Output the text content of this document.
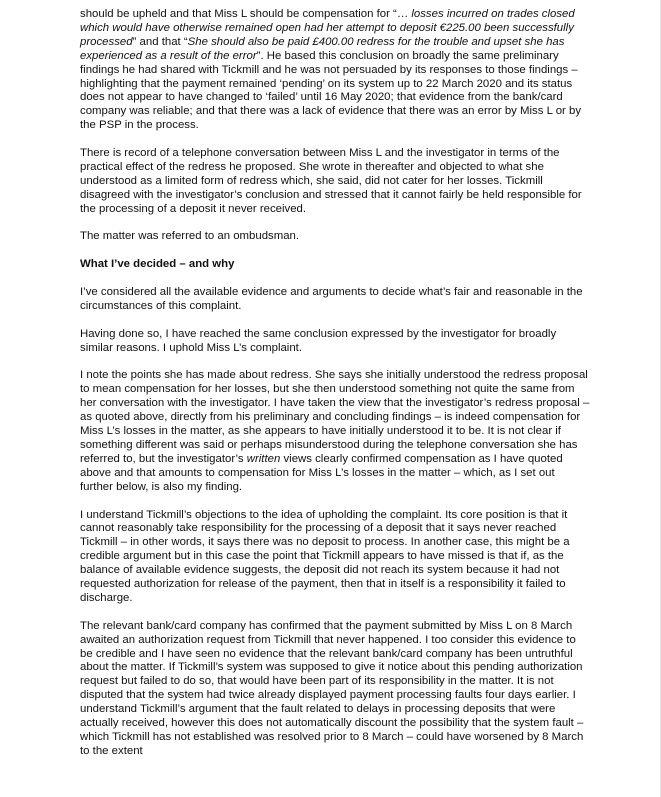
should be upheld and that Miss L should be compensation for “… losses incurred on trades closed which would have otherwise remained open had her attempt to deposit €225.00 been successfully processed” and that “She should also be paid £400.00 redress for the trouble and upset she has experienced as a result of the error”. He based this conclusion on broadly the same preliminary findings he had shared with Tickmill and he was not persuaded by its responses to those findings – highlighting that the payment remained ‘pending’ on its system up to 22 March 2020 and its status does not appear to have changed to ‘failed’ until 16 May 2020; that evidence from the bank/card company was reliable; and that there was a lack of evidence that there was an error by Miss L or by the PSP in the process.

There is record of a telephone conversation between Miss L and the investigator in terms of the practical effect of the redress he proposed. She wrote in thereafter and objected to what she understood as a limited form of redress which, she said, did not cater for her losses. Tickmill disagreed with the investigator’s conclusion and stressed that it cannot fairly be held responsible for the processing of a deposit it never received.

The matter was referred to an ombudsman.

What I’ve decided – and why

I’ve considered all the available evidence and arguments to decide what’s fair and reasonable in the circumstances of this complaint.

Having done so, I have reached the same conclusion expressed by the investigator for broadly similar reasons. I uphold Miss L’s complaint.

I note the points she has made about redress. She says she initially understood the redress proposal to mean compensation for her losses, but she then understood something not quite the same from her conversation with the investigator. I have taken the view that the investigator’s redress proposal – as quoted above, directly from his preliminary and concluding findings – is indeed compensation for Miss L’s losses in the matter, as she appears to have initially understood it to be. It is not clear if something different was said or perhaps misunderstood during the telephone conversation she has referred to, but the investigator’s written views clearly confirmed compensation as I have quoted above and that amounts to compensation for Miss L’s losses in the matter – which, as I set out further below, is also my finding.

I understand Tickmill’s objections to the idea of upholding the complaint. Its core position is that it cannot reasonably take responsibility for the processing of a deposit that it says never reached Tickmill – in other words, it says there was no deposit to process. In another case, this might be a credible argument but in this case the point that Tickmill appears to have missed is that if, as the balance of available evidence suggests, the deposit did not reach its system because it had not requested authorization for release of the payment, then that in itself is a responsibility it failed to discharge.

The relevant bank/card company has confirmed that the payment submitted by Miss L on 8 March awaited an authorization request from Tickmill that never happened. I too consider this evidence to be credible and I have seen no evidence that the relevant bank/card company has been untruthful about the matter. If Tickmill’s system was supposed to give it notice about this pending authorization request but failed to do so, that would have been part of its responsibility in the matter. It is not disputed that the system had twice already displayed payment processing faults four days earlier. I understand Tickmill’s argument that the fault related to delays in processing deposits that were actually received, however this does not automatically discount the possibility that the system fault – which Tickmill has not established was resolved prior to 8 March – could have worsened by 8 March to the extent
